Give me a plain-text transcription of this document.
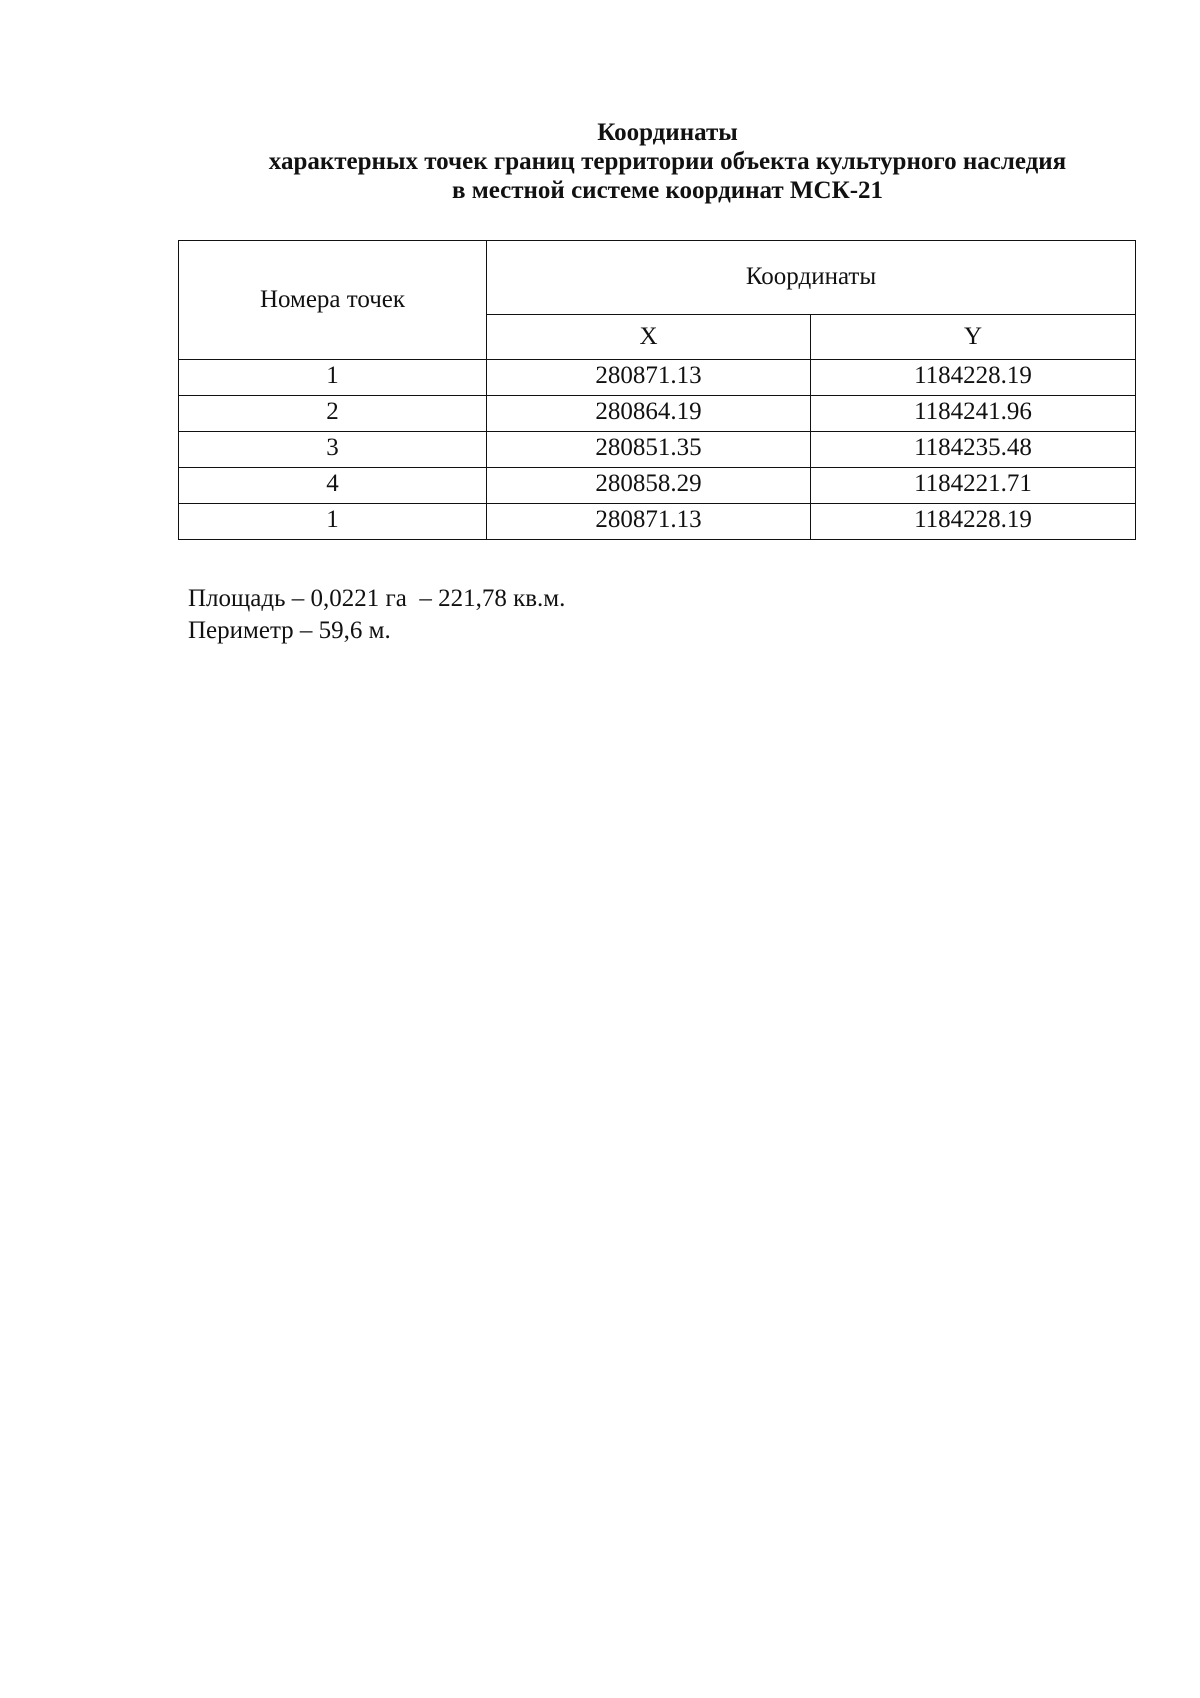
Координаты
характерных точек границ территории объекта культурного наследия
в местной системе координат МСК-21
Номера точек	Координаты	
	X	Y
1	280871.13	1184228.19
2	280864.19	1184241.96
3	280851.35	1184235.48
4	280858.29	1184221.71
1	280871.13	1184228.19
Площадь – 0,0221 га  – 221,78 кв.м.
Периметр – 59,6 м.
